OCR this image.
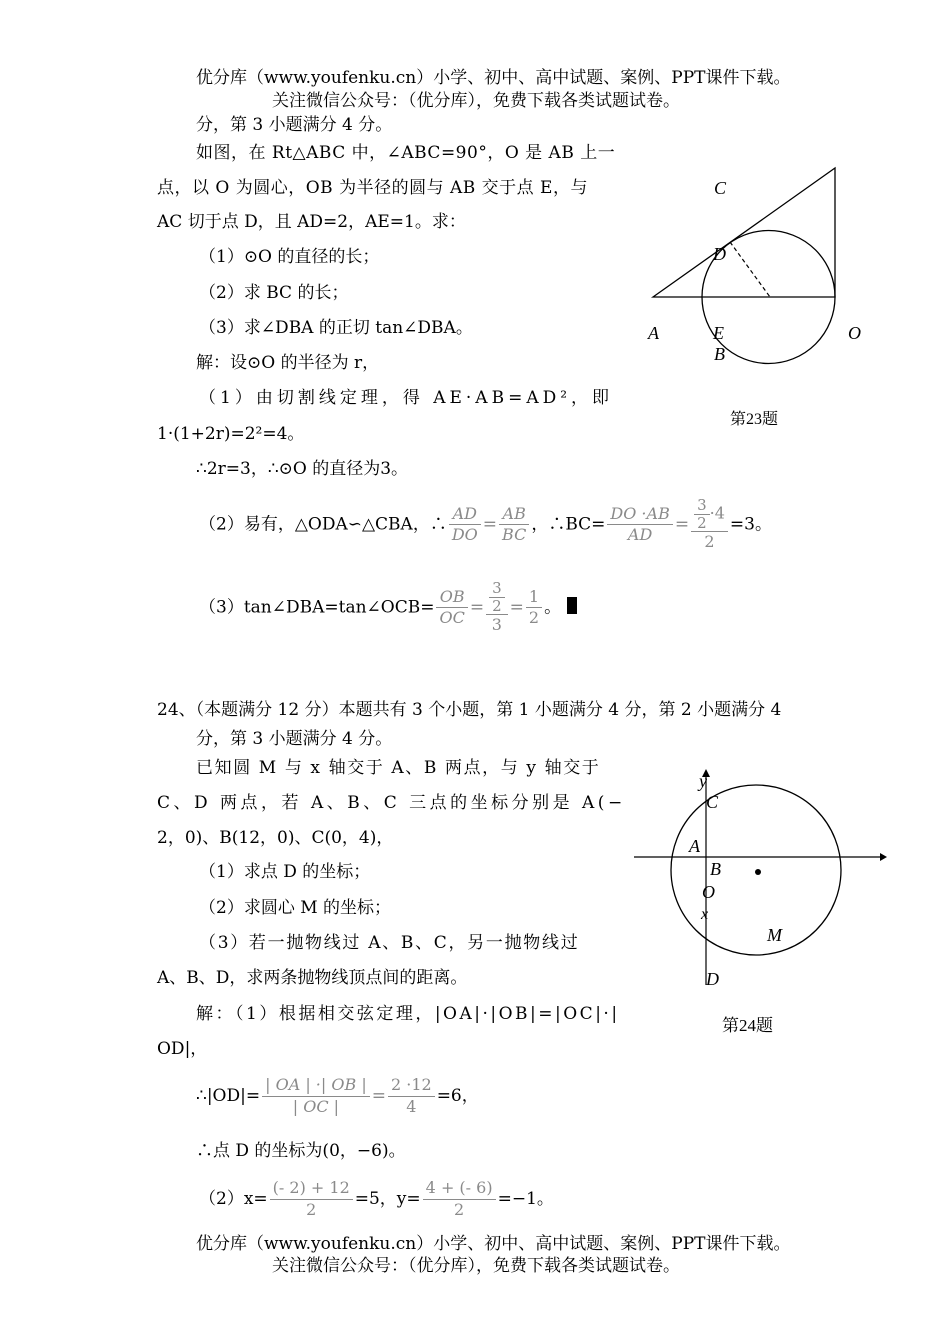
优分库（www.youfenku.cn）小学、初中、高中试题、案例、PPT课件下载。
关注微信公众号：（优分库），免费下载各类试题试卷。
分，第 3 小题满分 4 分。
如图，在 Rt△ABC 中，∠ABC=90°，O 是 AB 上一
点，以 O 为圆心，OB 为半径的圆与 AB 交于点 E，与
AC 切于点 D，且 AD=2，AE=1。求：
（1）⊙O 的直径的长；
（2）求 BC 的长；
（3）求∠DBA 的正切 tan∠DBA。
解：设⊙O 的半径为 r，
（1）由切割线定理，得 AE·AB=AD²，即
1·(1+2r)=2²=4。
∴2r=3，∴⊙O 的直径为3。
（2）易有，△ODA∽△CBA，∴ $\frac{AD}{DO} = \frac{AB}{BC}$ ，∴BC= $\frac{DO \cdot AB}{AD} = \frac{\frac{3}{2} \cdot 4}{2} =3$。
（3）tan∠DBA=tan∠OCB= $\frac{OB}{OC} = \frac{\frac{3}{2}}{3} = \frac{1}{2}$ 。
C
D
A	E	O
B
第23题
24、（本题满分 12 分）本题共有 3 个小题，第 1 小题满分 4 分，第 2 小题满分 4
分，第 3 小题满分 4 分。
已知圆 M 与 x 轴交于 A、B 两点，与 y 轴交于
C、D 两点，若 A、B、C 三点的坐标分别是 A(−
2，0)、B(12，0)、C(0，4)，
（1）求点 D 的坐标；
（2）求圆心 M 的坐标；
（3）若一抛物线过 A、B、C，另一抛物线过
A、B、D，求两条抛物线顶点间的距离。
解：（1）根据相交弦定理，|OA|·|OB|=|OC|·|
OD|，
∴|OD|= $\frac{| OA | \cdot| OB |}{| OC |} = \frac{2 \cdot 12}{4} =6$，
∴点 D 的坐标为(0，−6)。
$(2)x= \frac{(- 2) + 12}{2} =5$，$y= \frac{4 + (- 6)}{2} =-1$。
y
C
A
B
O
x
M
D
第24题
优分库（www.youfenku.cn）小学、初中、高中试题、案例、PPT课件下载。
关注微信公众号：（优分库），免费下载各类试题试卷。
